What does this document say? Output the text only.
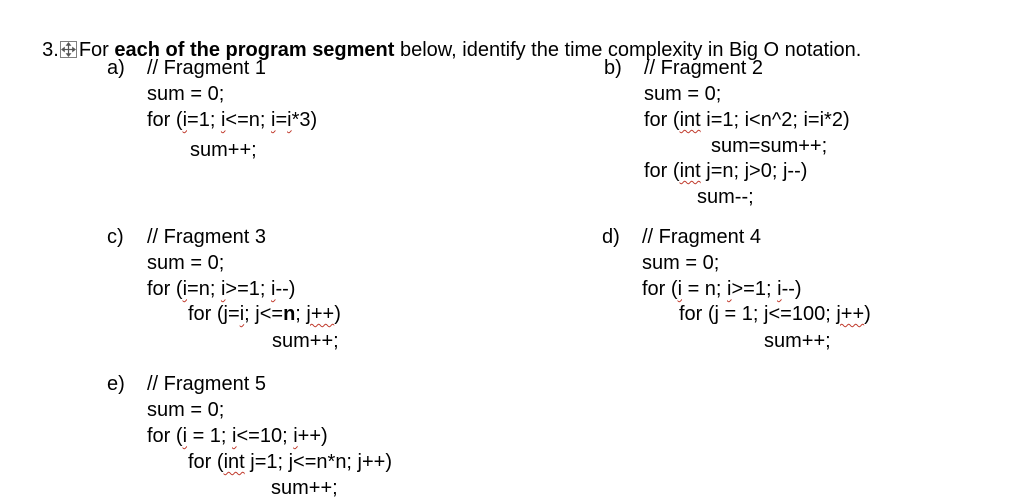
3. For each of the program segment below, identify the time complexity in Big O notation.

a) // Fragment 1
sum = 0;
for (i=1; i<=n; i=i*3)
sum++;
b) // Fragment 2
sum = 0;
for (int i=1; i<n^2; i=i*2)
sum=sum++;
for (int j=n; j>0; j--)
sum--;
c) // Fragment 3
sum = 0;
for (i=n; i>=1; i--)
for (j=i; j<=n; j++)
sum++;
d) // Fragment 4
sum = 0;
for (i = n; i>=1; i--)
for (j = 1; j<=100; j++)
sum++;
e) // Fragment 5
sum = 0;
for (i = 1; i<=10; i++)
for (int j=1; j<=n*n; j++)
sum++;
